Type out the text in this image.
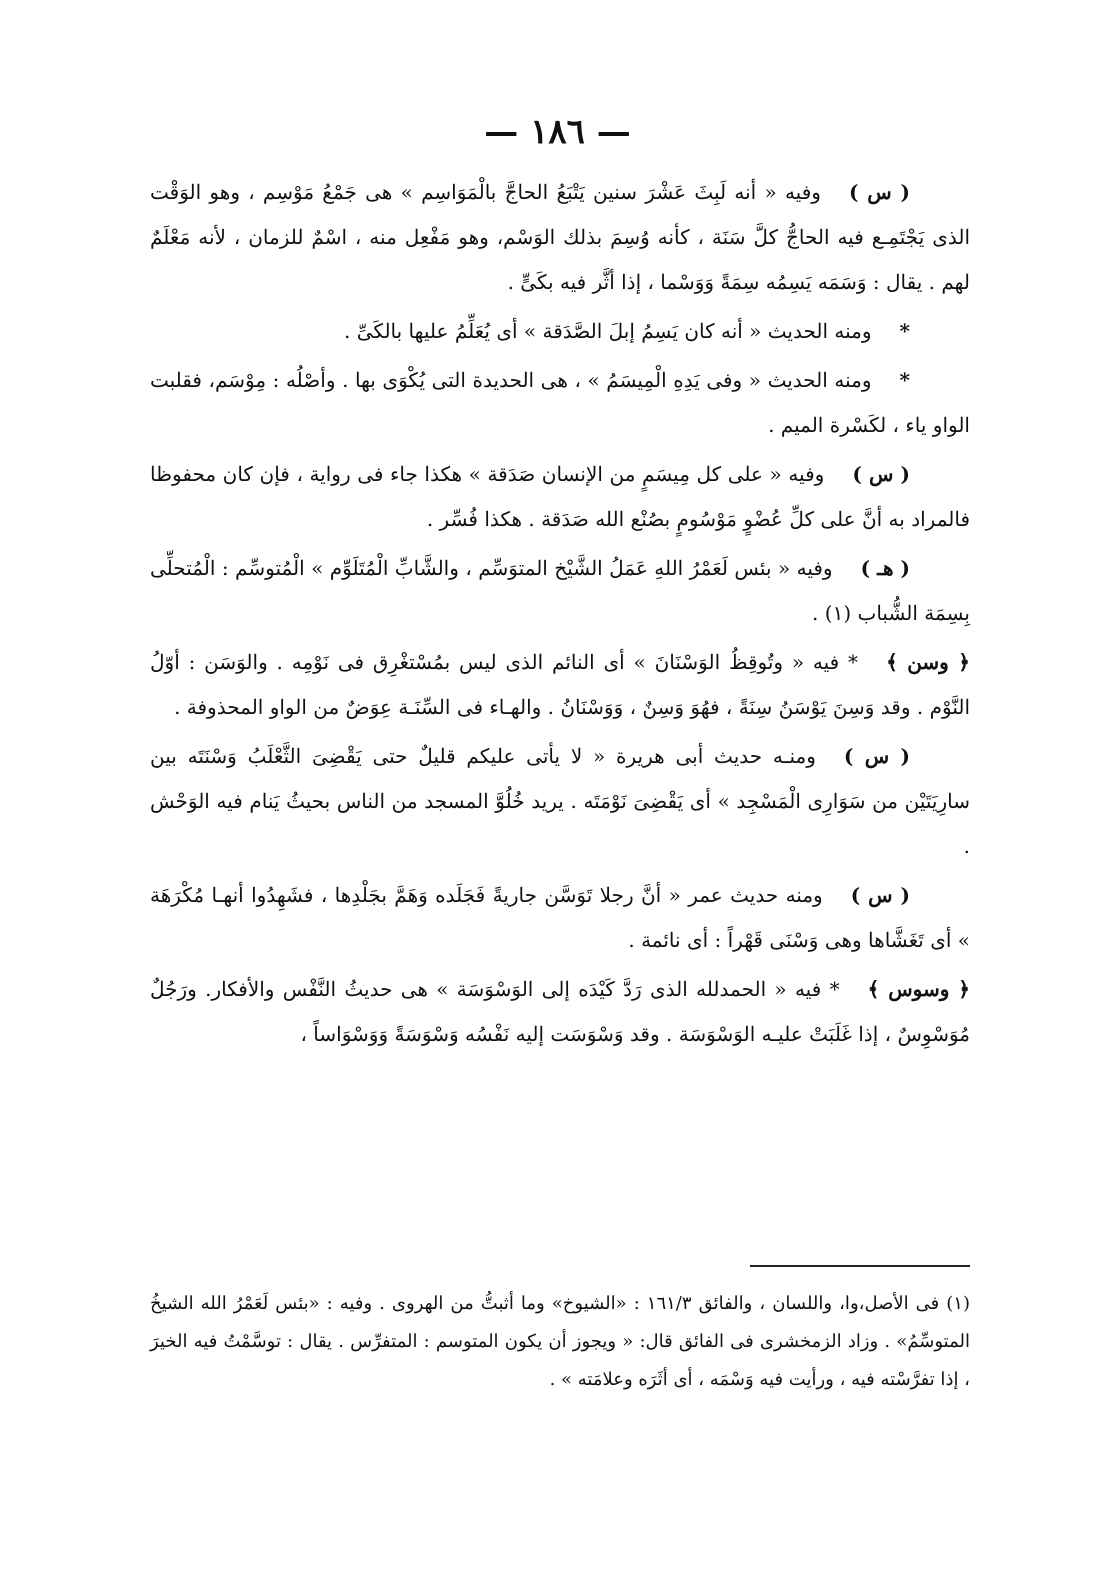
— ١٨٦ —

( س )وفيه « أنه لَبِثَ عَشْرَ سنين يَتْبَعُ الحاجَّ بالْمَوَاسِم » هى جَمْعُ مَوْسِم ، وهو الوَقْت الذى يَجْتَمِـع فيه الحاجُّ كلَّ سَنَة ، كأنه وُسِمَ بذلك الوَسْم، وهو مَفْعِل منه ، اسْمٌ للزمان ، لأنه مَعْلَمٌ لهم . يقال : وَسَمَه يَسِمُه سِمَةً وَوَسْما ، إذا أثَّر فيه بكَىٍّ .

*ومنه الحديث « أنه كان يَسِمُ إبلَ الصَّدَقة » أى يُعَلِّمُ عليها بالكَىِّ .

*ومنه الحديث « وفى يَدِهِ الْمِيسَمُ » ، هى الحديدة التى يُكْوَى بها . وأصْلُه : مِوْسَم، فقلبت الواو ياء ، لكَسْرة الميم .

( س )وفيه « على كل مِيسَمٍ من الإنسان صَدَقة » هكذا جاء فى رواية ، فإن كان محفوظا فالمراد به أنَّ على كلِّ عُضْوٍ مَوْسُومٍ بصُنْع الله صَدَقة . هكذا فُسِّر .

( هـ )وفيه « بئس لَعَمْرُ اللهِ عَمَلُ الشَّيْخ المتوَسِّم ، والشَّابِّ الْمُتَلَوِّم » الْمُتوسِّم : الْمُتحلِّى بِسِمَة الشُّباب (١) .

﴿ وسن ﴾* فيه « وتُوقِظُ الوَسْنَانَ » أى النائم الذى ليس بمُسْتغْرِق فى نَوْمِه . والوَسَن : أوّلُ النَّوْم . وقد وَسِنَ يَوْسَنُ سِنَةً ، فهُوَ وَسِنٌ ، وَوَسْنَانُ . والهـاء فى السِّنَـة عِوَضٌ من الواو المحذوفة .

( س )ومنـه حديث أبى هريرة « لا يأتى عليكم قليلٌ حتى يَقْضِىَ الثَّعْلَبُ وَسْنَتَه بين سارِيَتَيْن من سَوَارِى الْمَسْجِد » أى يَقْضِىَ نَوْمَتَه . يريد خُلُوَّ المسجد من الناس بحيثُ يَنام فيه الوَحْش .

( س )ومنه حديث عمر « أنَّ رجلا تَوَسَّن جاريةً فَجَلَده وَهَمَّ بجَلْدِها ، فشَهِدُوا أنهـا مُكْرَهَة » أى تَغَشَّاها وهى وَسْنَى قَهْراً : أى نائمة .

﴿ وسوس ﴾* فيه « الحمدلله الذى رَدَّ كَيْدَه إلى الوَسْوَسَة » هى حديثُ النَّفْس والأفكار. ورَجُلٌ مُوَسْوِسٌ ، إذا غَلَبَتْ عليـه الوَسْوَسَة . وقد وَسْوَسَت إليه نَفْسُه وَسْوَسَةً وَوَسْوَاساً ،

(١) فى الأصل،وا، واللسان ، والفائق ١٦١/٣ : «الشيوخ» وما أثبتُّ من الهروى . وفيه : «بئس لَعَمْرُ الله الشيخُ المتوسِّمُ» . وزاد الزمخشرى فى الفائق قال: « ويجوز أن يكون المتوسم : المتفرِّس . يقال : توسَّمْتُ فيه الخيرَ ، إذا تفرَّسْته فيه ، ورأيت فيه وَسْمَه ، أى أثَرَه وعلامَته » .
